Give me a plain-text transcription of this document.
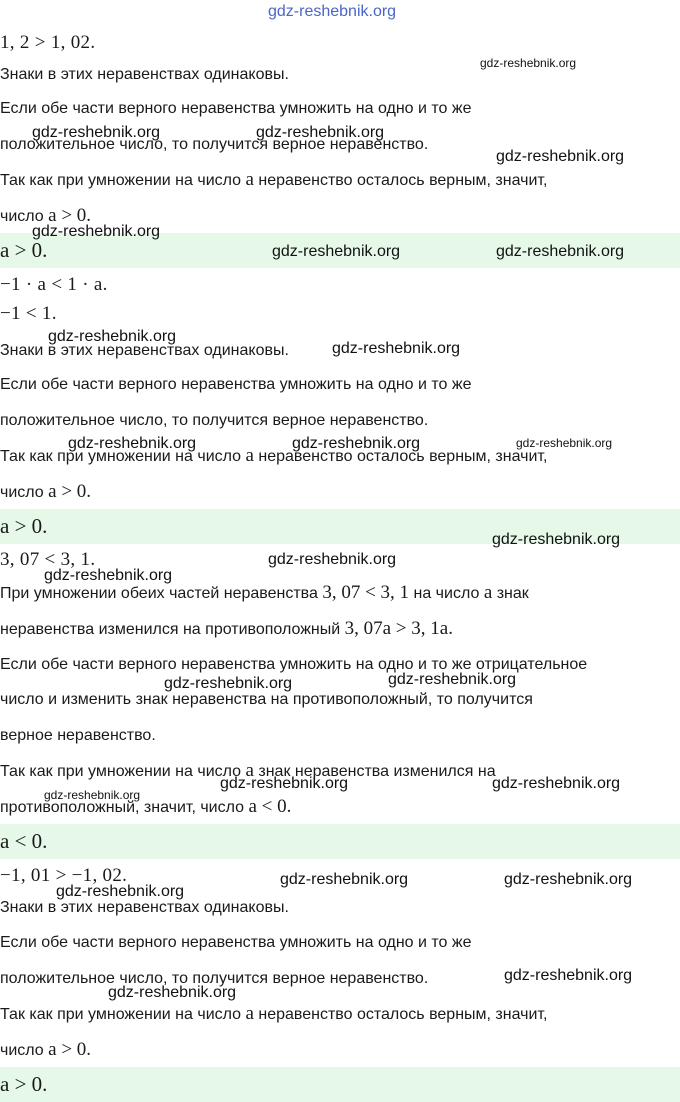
a > 0.
a > 0.
a < 0.
a > 0.
1, 2 > 1, 02.
Знаки в этих неравенствах одинаковы.
Если обе части верного неравенства умножить на одно и то же
положительное число, то получится верное неравенство.
Так как при умножении на число a неравенство осталось верным, значит,
число a > 0.
−1 · a < 1 · a.
−1 < 1.
Знаки в этих неравенствах одинаковы.
Если обе части верного неравенства умножить на одно и то же
положительное число, то получится верное неравенство.
Так как при умножении на число a неравенство осталось верным, значит,
число a > 0.
3, 07 < 3, 1.
При умножении обеих частей неравенства 3, 07 < 3, 1 на число a знак
неравенства изменился на противоположный 3, 07a > 3, 1a.
Если обе части верного неравенства умножить на одно и то же отрицательное
число и изменить знак неравенства на противоположный, то получится
верное неравенство.
Так как при умножении на число a знак неравенства изменился на
противоположный, значит, число a < 0.
−1, 01 > −1, 02.
Знаки в этих неравенствах одинаковы.
Если обе части верного неравенства умножить на одно и то же
положительное число, то получится верное неравенство.
Так как при умножении на число a неравенство осталось верным, значит,
число a > 0.
gdz-reshebnik.org
gdz-reshebnik.org
gdz-reshebnik.org	gdz-reshebnik.org
gdz-reshebnik.org
gdz-reshebnik.org
gdz-reshebnik.org	gdz-reshebnik.org
gdz-reshebnik.org
gdz-reshebnik.org
gdz-reshebnik.org	gdz-reshebnik.org	gdz-reshebnik.org
gdz-reshebnik.org
gdz-reshebnik.org
gdz-reshebnik.org
gdz-reshebnik.org	gdz-reshebnik.org
gdz-reshebnik.org
gdz-reshebnik.org	gdz-reshebnik.org
gdz-reshebnik.org
gdz-reshebnik.org	gdz-reshebnik.org
gdz-reshebnik.org
gdz-reshebnik.org
